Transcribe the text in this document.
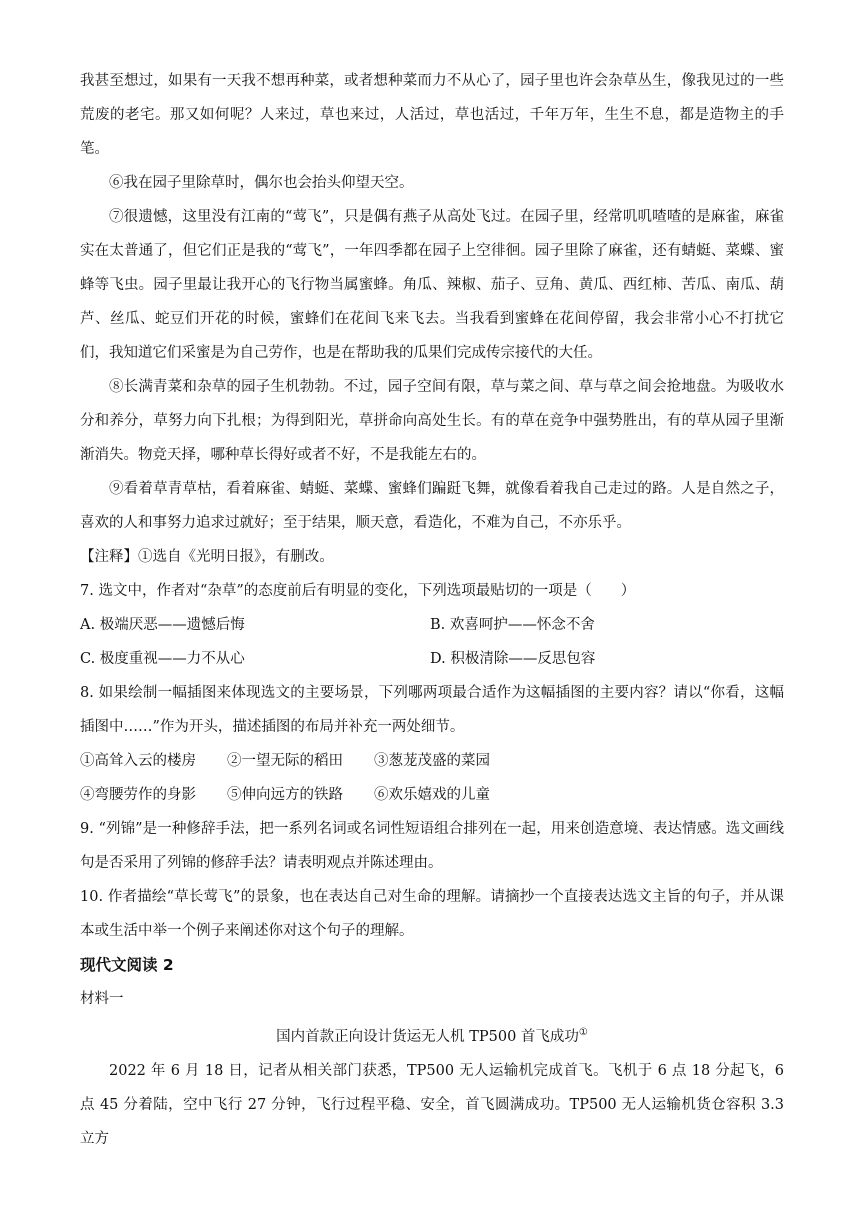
我甚至想过，如果有一天我不想再种菜，或者想种菜而力不从心了，园子里也许会杂草丛生，像我见过的一些荒废的老宅。那又如何呢？人来过，草也来过，人活过，草也活过，千年万年，生生不息，都是造物主的手笔。

⑥我在园子里除草时，偶尔也会抬头仰望天空。

⑦很遗憾，这里没有江南的“莺飞”，只是偶有燕子从高处飞过。在园子里，经常叽叽喳喳的是麻雀，麻雀实在太普通了，但它们正是我的“莺飞”，一年四季都在园子上空徘徊。园子里除了麻雀，还有蜻蜓、菜蝶、蜜蜂等飞虫。园子里最让我开心的飞行物当属蜜蜂。角瓜、辣椒、茄子、豆角、黄瓜、西红柿、苦瓜、南瓜、葫芦、丝瓜、蛇豆们开花的时候，蜜蜂们在花间飞来飞去。当我看到蜜蜂在花间停留，我会非常小心不打扰它们，我知道它们采蜜是为自己劳作，也是在帮助我的瓜果们完成传宗接代的大任。

⑧长满青菜和杂草的园子生机勃勃。不过，园子空间有限，草与菜之间、草与草之间会抢地盘。为吸收水分和养分，草努力向下扎根；为得到阳光，草拼命向高处生长。有的草在竞争中强势胜出，有的草从园子里渐渐消失。物竞天择，哪种草长得好或者不好，不是我能左右的。

⑨看着草青草枯，看着麻雀、蜻蜓、菜蝶、蜜蜂们蹁跹飞舞，就像看着我自己走过的路。人是自然之子，喜欢的人和事努力追求过就好；至于结果，顺天意，看造化，不难为自己，不亦乐乎。

【注释】①选自《光明日报》，有删改。

7. 选文中，作者对“杂草”的态度前后有明显的变化，下列选项最贴切的一项是（　　）

A. 极端厌恶——遗憾后悔	B. 欢喜呵护——怀念不舍
C. 极度重视——力不从心	D. 积极清除——反思包容

8. 如果绘制一幅插图来体现选文的主要场景，下列哪两项最合适作为这幅插图的主要内容？请以“你看，这幅插图中……”作为开头，描述插图的布局并补充一两处细节。

①高耸入云的楼房 ②一望无际的稻田 ③葱茏茂盛的菜园
④弯腰劳作的身影 ⑤伸向远方的铁路 ⑥欢乐嬉戏的儿童

9. “列锦”是一种修辞手法，把一系列名词或名词性短语组合排列在一起，用来创造意境、表达情感。选文画线句是否采用了列锦的修辞手法？请表明观点并陈述理由。

10. 作者描绘“草长莺飞”的景象，也在表达自己对生命的理解。请摘抄一个直接表达选文主旨的句子，并从课本或生活中举一个例子来阐述你对这个句子的理解。

现代文阅读 2

材料一

国内首款正向设计货运无人机 TP500 首飞成功①

2022 年 6 月 18 日，记者从相关部门获悉，TP500 无人运输机完成首飞。飞机于 6 点 18 分起飞，6 点 45 分着陆，空中飞行 27 分钟，飞行过程平稳、安全，首飞圆满成功。TP500 无人运输机货仓容积 3.3 立方
